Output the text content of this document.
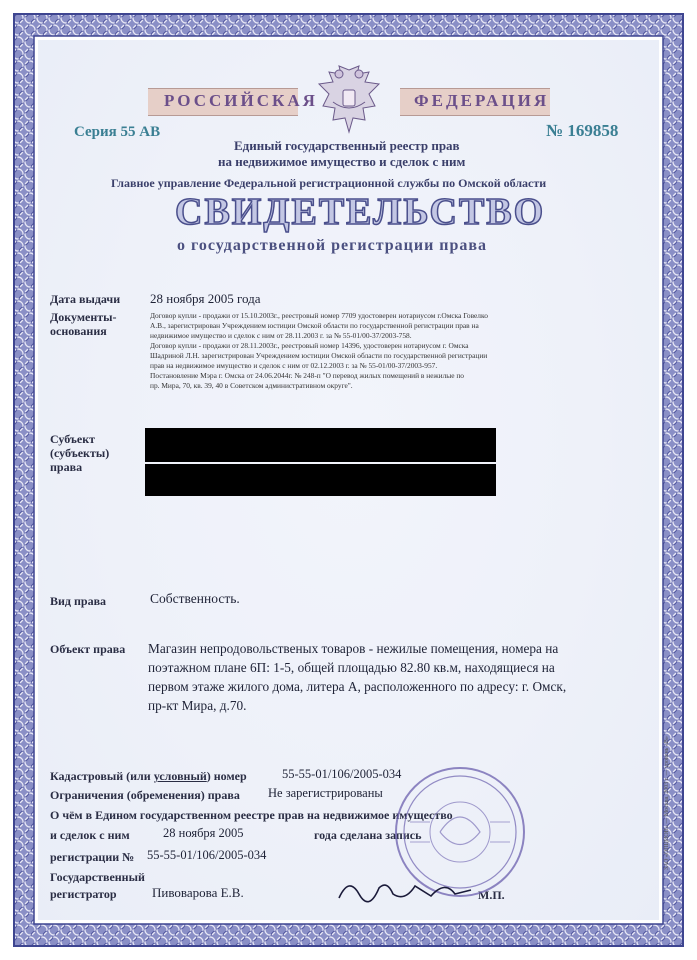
РОССИЙСКАЯ	ФЕДЕРАЦИЯ
Серия 55 АВ	№ 169858
Единый государственный реестр прав
на недвижимое имущество и сделок с ним
Главное управление Федеральной регистрационной службы по Омской области
СВИДЕТЕЛЬСТВО
о государственной регистрации права
Дата выдачи 28 ноября 2005 года
Документы-
основания
Договор купли - продажи от 15.10.2003г., реестровый номер 7709 удостоверен нотариусом г.Омска Говелко
А.В., зарегистрирован Учреждением юстиции Омской области по государственной регистрации прав на
недвижимое имущество и сделок с ним от 28.11.2003 г. за № 55-01/00-37/2003-758.
Договор купли - продажи от 28.11.2003г., реестровый номер 14396, удостоверен нотариусом г. Омска
Шадриной Л.Н. зарегистрирован Учреждением юстиции Омской области по государственной регистрации
прав на недвижимое имущество и сделок с ним от 02.12.2003 г. за № 55-01/00-37/2003-957.
Постановление Мэра г. Омска от 24.06.2044г. № 248-п "О перевод жилых помещений в нежилые по
пр. Мира, 70, кв. 39, 40 в Советском административном округе".
Субъект
(субъекты)
права
Вид права	Собственность.
Объект права Магазин непродовольственых товаров - нежилые помещения, номера на
поэтажном плане 6П: 1-5, общей площадью 82.80 кв.м, находящиеся на
первом этаже жилого дома, литера А, расположенного по адресу: г. Омск,
пр-кт Мира, д.70.
Кадастровый (или условный) номер	55-55-01/106/2005-034
Ограничения (обременения) права Не зарегистрированы
О чём в Едином государственном реестре прав на недвижимое имущество
и сделок с ним	28 ноября 2005	года сделана запись
регистрации № 55-55-01/106/2005-034
Государственный
регистратор	Пивоварова Е.В.	М.П.
ЗАО «ОПЦИОН» — Москва, 2003 г. — уровень «В»
